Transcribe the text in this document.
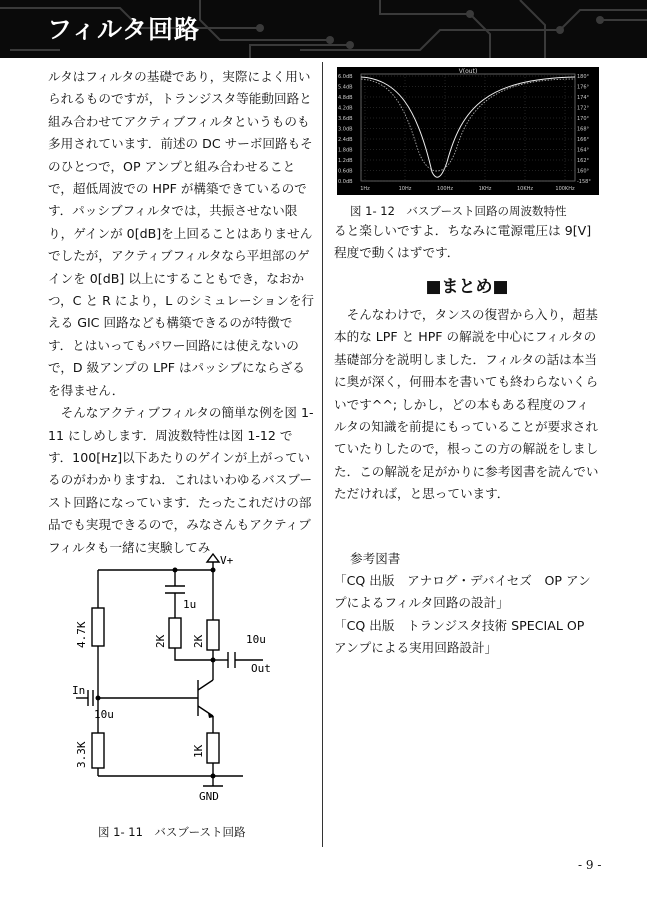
フィルタ回路

ルタはフィルタの基礎であり，実際によく用いられるものですが，トランジスタ等能動回路と組み合わせてアクティブフィルタというものも多用されています．前述の DC サーボ回路もそのひとつで，OP アンプと組み合わせることで，超低周波での HPF が構築できているのです．パッシブフィルタでは，共振させない限り，ゲインが 0[dB]を上回ることはありませんでしたが，アクティブフィルタなら平坦部のゲインを 0[dB] 以上にすることもでき，なおかつ，C と R により，L のシミュレーションを行える GIC 回路なども構築できるのが特徴です．とはいってもパワー回路には使えないので，D 級アンプの LPF はパッシブにならざるを得ません．

そんなアクティブフィルタの簡単な例を図 1-11 にしめします．周波数特性は図 1-12 です．100[Hz]以下あたりのゲインが上がっているのがわかりますね．これはいわゆるバスブースト回路になっています．たったこれだけの部品でも実現できるので，みなさんもアクティブフィルタも一緒に実験してみ

V(out)
6.0dB
5.4dB
4.8dB
4.2dB
3.6dB
3.0dB
2.4dB
1.8dB
1.2dB
0.6dB
0.0dB
180°
176°
174°
172°
170°
168°
166°
164°
162°
160°
-158°
1Hz	10Hz	100Hz	1KHz	10KHz	100KHz
図 1- 12　バスブースト回路の周波数特性

ると楽しいですよ．ちなみに電源電圧は 9[V]程度で動くはずです．

■まとめ■

そんなわけで，タンスの復習から入り，超基本的な LPF と HPF の解説を中心にフィルタの基礎部分を説明しました．フィルタの話は本当に奥が深く，何冊本を書いても終わらないくらいです^^; しかし，どの本もある程度のフィルタの知識を前提にもっていることが要求されていたりしたので，根っこの方の解説をしました．この解説を足がかりに参考図書を読んでいただければ，と思っています．

参考図書

「CQ 出版　アナログ・デバイセズ　OP アンプによるフィルタ回路の設計」

「CQ 出版　トランジスタ技術 SPECIAL OP アンプによる実用回路設計」

V+
1u
4.7K	2K 2K	10u
Out
In
10u
3.3K	1K
GND
図 1- 11　バスブースト回路
- 9 -
